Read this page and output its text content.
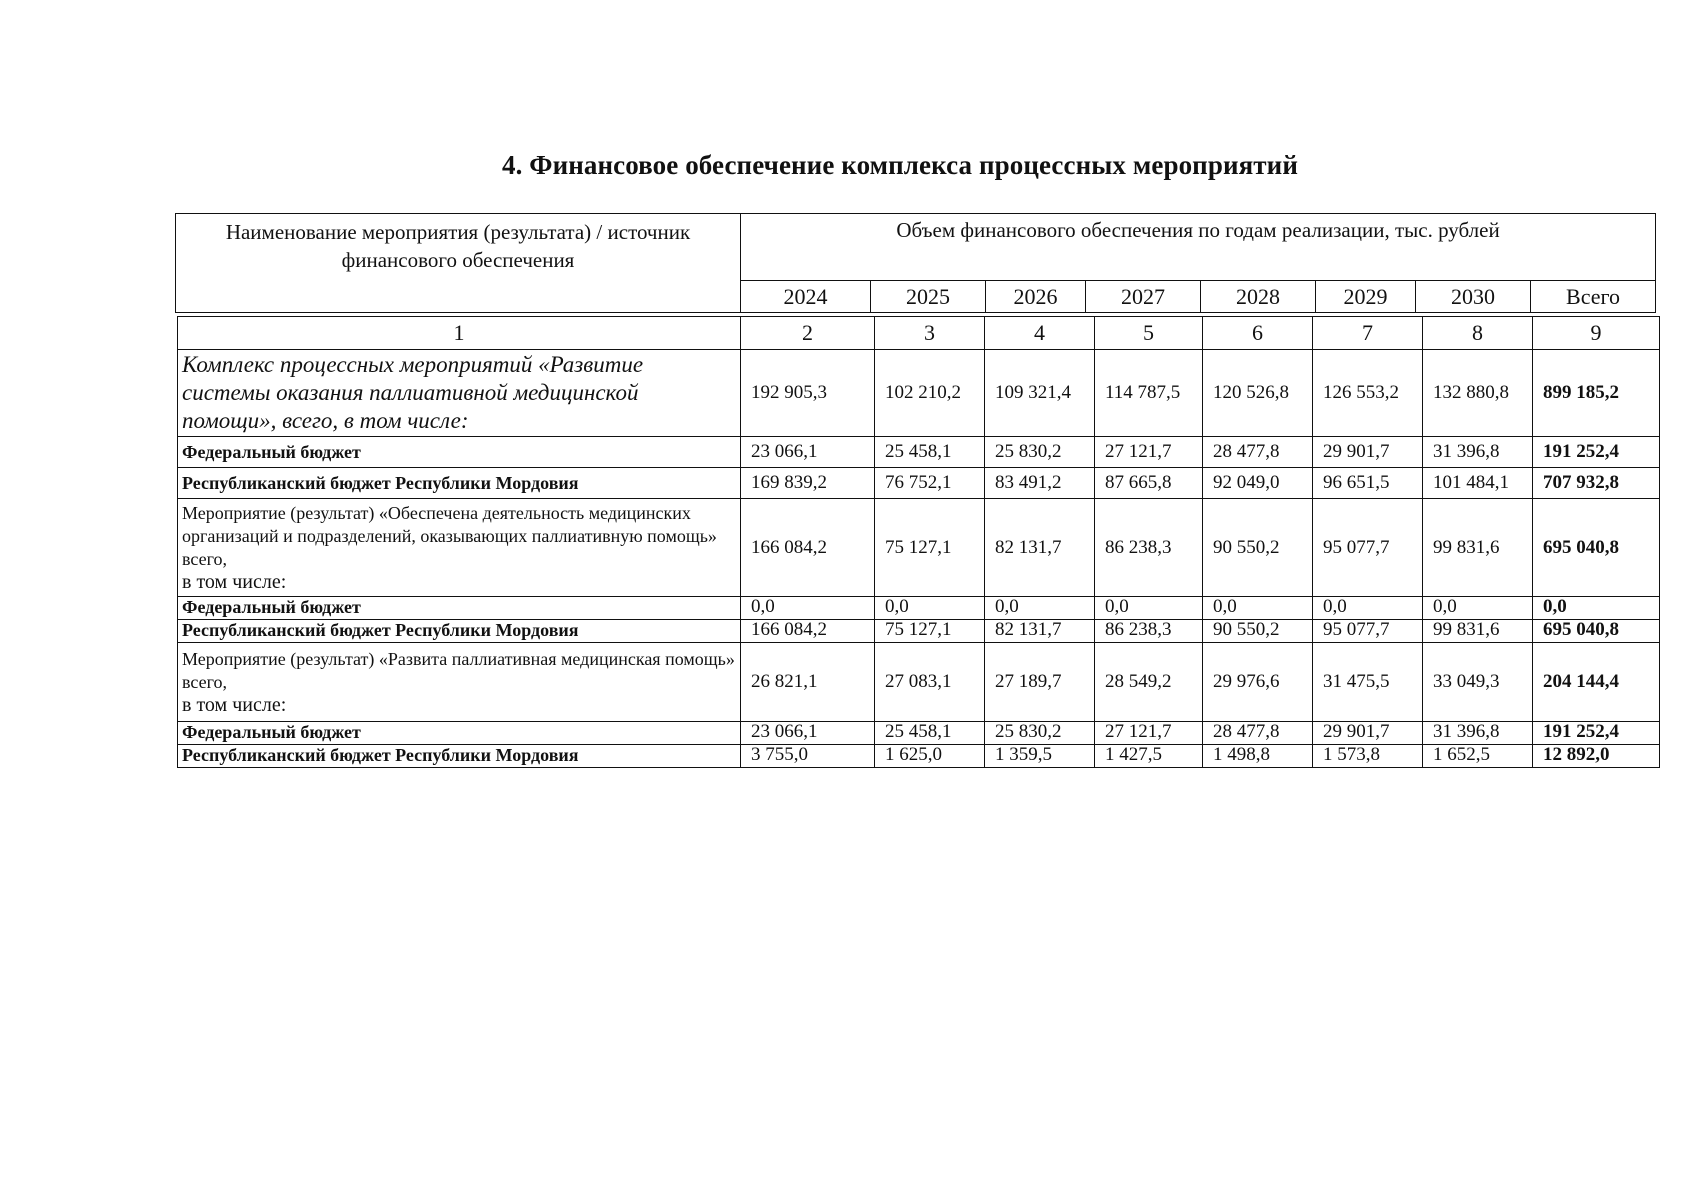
4. Финансовое обеспечение комплекса процессных мероприятий
Наименование мероприятия (результата) / источник финансового обеспечения	Объем финансового обеспечения по годам реализации, тыс. рублей							
	2024	2025	2026	2027	2028	2029	2030	Всего
1	2	3	4	5	6	7	8	9
Комплекс процессных мероприятий «Развитие системы оказания паллиативной медицинской помощи», всего, в том числе:	192 905,3	102 210,2	109 321,4	114 787,5	120 526,8	126 553,2	132 880,8	899 185,2
Федеральный бюджет	23 066,1	25 458,1	25 830,2	27 121,7	28 477,8	29 901,7	31 396,8	191 252,4
Республиканский бюджет Республики Мордовия	169 839,2	76 752,1	83 491,2	87 665,8	92 049,0	96 651,5	101 484,1	707 932,8
Мероприятие (результат) «Обеспечена деятельность медицинских организаций и подразделений, оказывающих паллиативную помощь» всего,
в том числе:	166 084,2	75 127,1	82 131,7	86 238,3	90 550,2	95 077,7	99 831,6	695 040,8
Федеральный бюджет	0,0	0,0	0,0	0,0	0,0	0,0	0,0	0,0
Республиканский бюджет Республики Мордовия	166 084,2	75 127,1	82 131,7	86 238,3	90 550,2	95 077,7	99 831,6	695 040,8
Мероприятие (результат) «Развита паллиативная медицинская помощь» всего,
в том числе:	26 821,1	27 083,1	27 189,7	28 549,2	29 976,6	31 475,5	33 049,3	204 144,4
Федеральный бюджет	23 066,1	25 458,1	25 830,2	27 121,7	28 477,8	29 901,7	31 396,8	191 252,4
Республиканский бюджет Республики Мордовия	3 755,0	1 625,0	1 359,5	1 427,5	1 498,8	1 573,8	1 652,5	12 892,0
